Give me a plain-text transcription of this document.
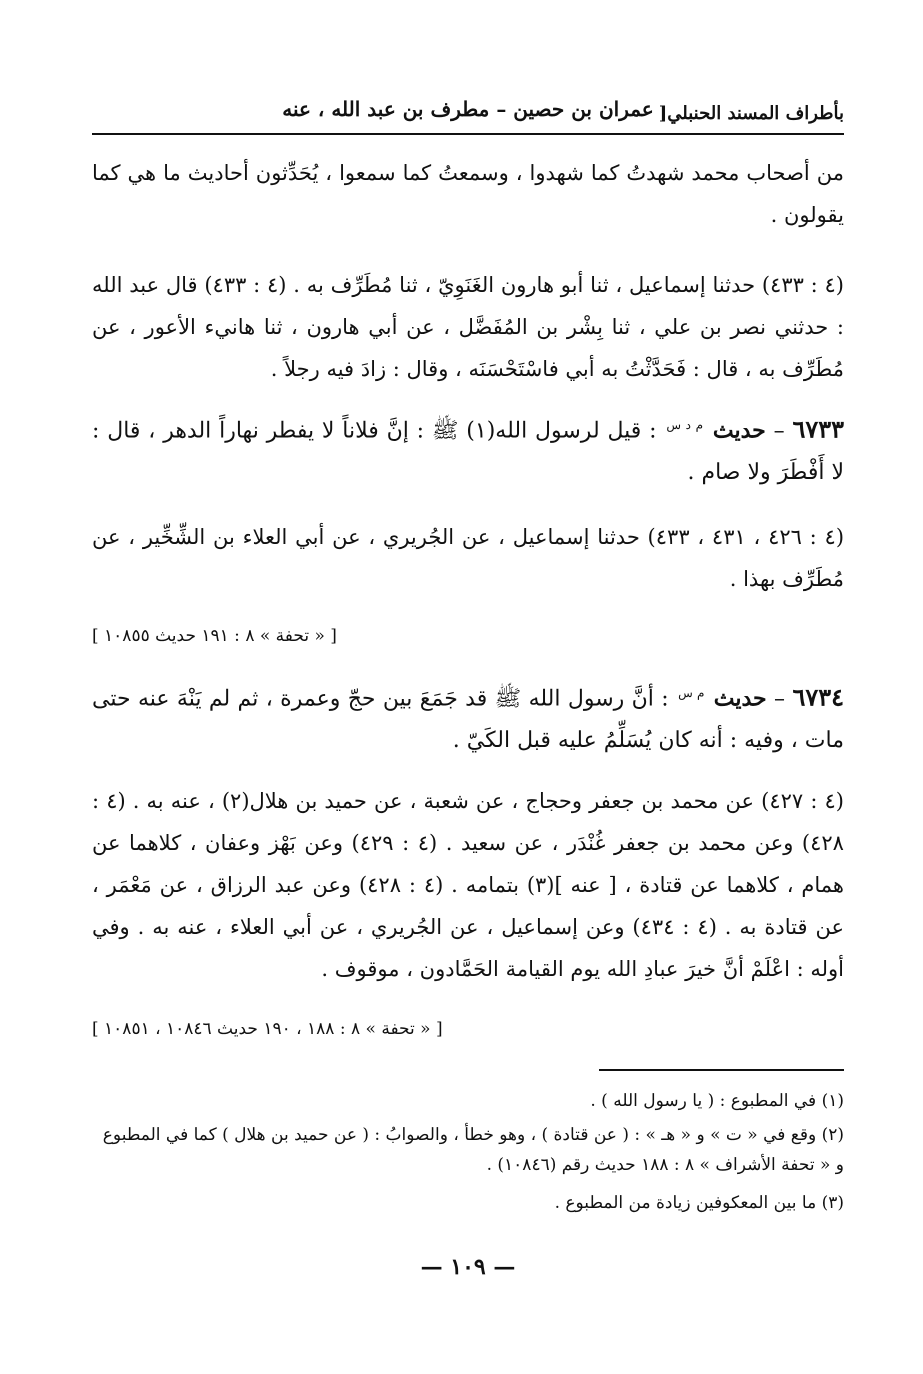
بأطراف المسند الحنبلي[
عمران بن حصين – مطرف بن عبد الله ، عنه
من أصحاب محمد شهدتُ كما شهدوا ، وسمعتُ كما سمعوا ، يُحَدِّثون أحاديث ما هي كما يقولون .
(٤ : ٤٣٣) حدثنا إسماعيل ، ثنا أبو هارون الغَنَوِيّ ، ثنا مُطَرِّف به . (٤ : ٤٣٣) قال عبد الله : حدثني نصر بن علي ، ثنا بِشْر بن المُفَضَّل ، عن أبي هارون ، ثنا هانيء الأعور ، عن مُطَرِّف به ، قال : فَحَدَّثْتُ به أبي فاسْتَحْسَنَه ، وقال : زادَ فيه رجلاً .
٦٧٣٣ – حديث $^{م د س}$ : قيل لرسول الله(١) ﷺ : إنَّ فلاناً لا يفطر نهاراً الدهر ، قال : لا أَفْطَرَ ولا صام .
(٤ : ٤٢٦ ، ٤٣١ ، ٤٣٣) حدثنا إسماعيل ، عن الجُريري ، عن أبي العلاء بن الشِّخِّير ، عن مُطَرِّف بهذا .
[ « تحفة » ٨ : ١٩١ حديث ١٠٨٥٥ ]
٦٧٣٤ – حديث $^{م س}$ : أنَّ رسول الله ﷺ قد جَمَعَ بين حجّ وعمرة ، ثم لم يَنْهَ عنه حتى مات ، وفيه : أنه كان يُسَلِّمُ عليه قبل الكَيّ .
(٤ : ٤٢٧) عن محمد بن جعفر وحجاج ، عن شعبة ، عن حميد بن هلال(٢) ، عنه به . (٤ : ٤٢٨) وعن محمد بن جعفر غُنْدَر ، عن سعيد . (٤ : ٤٢٩) وعن بَهْز وعفان ، كلاهما عن همام ، كلاهما عن قتادة ، [ عنه ](٣) بتمامه . (٤ : ٤٢٨) وعن عبد الرزاق ، عن مَعْمَر ، عن قتادة به . (٤ : ٤٣٤) وعن إسماعيل ، عن الجُريري ، عن أبي العلاء ، عنه به . وفي أوله : اعْلَمْ أنَّ خيرَ عبادِ الله يوم القيامة الحَمَّادون ، موقوف .
[ « تحفة » ٨ : ١٨٨ ، ١٩٠ حديث ١٠٨٤٦ ، ١٠٨٥١ ]
(١) في المطبوع : ( يا رسول الله ) .
(٢) وقع في « ت » و « هـ » : ( عن قتادة ) ، وهو خطأ ، والصوابُ : ( عن حميد بن هلال ) كما في المطبوع و « تحفة الأشراف » ٨ : ١٨٨ حديث رقم (١٠٨٤٦) .
(٣) ما بين المعكوفين زيادة من المطبوع .
— ١٠٩ —
